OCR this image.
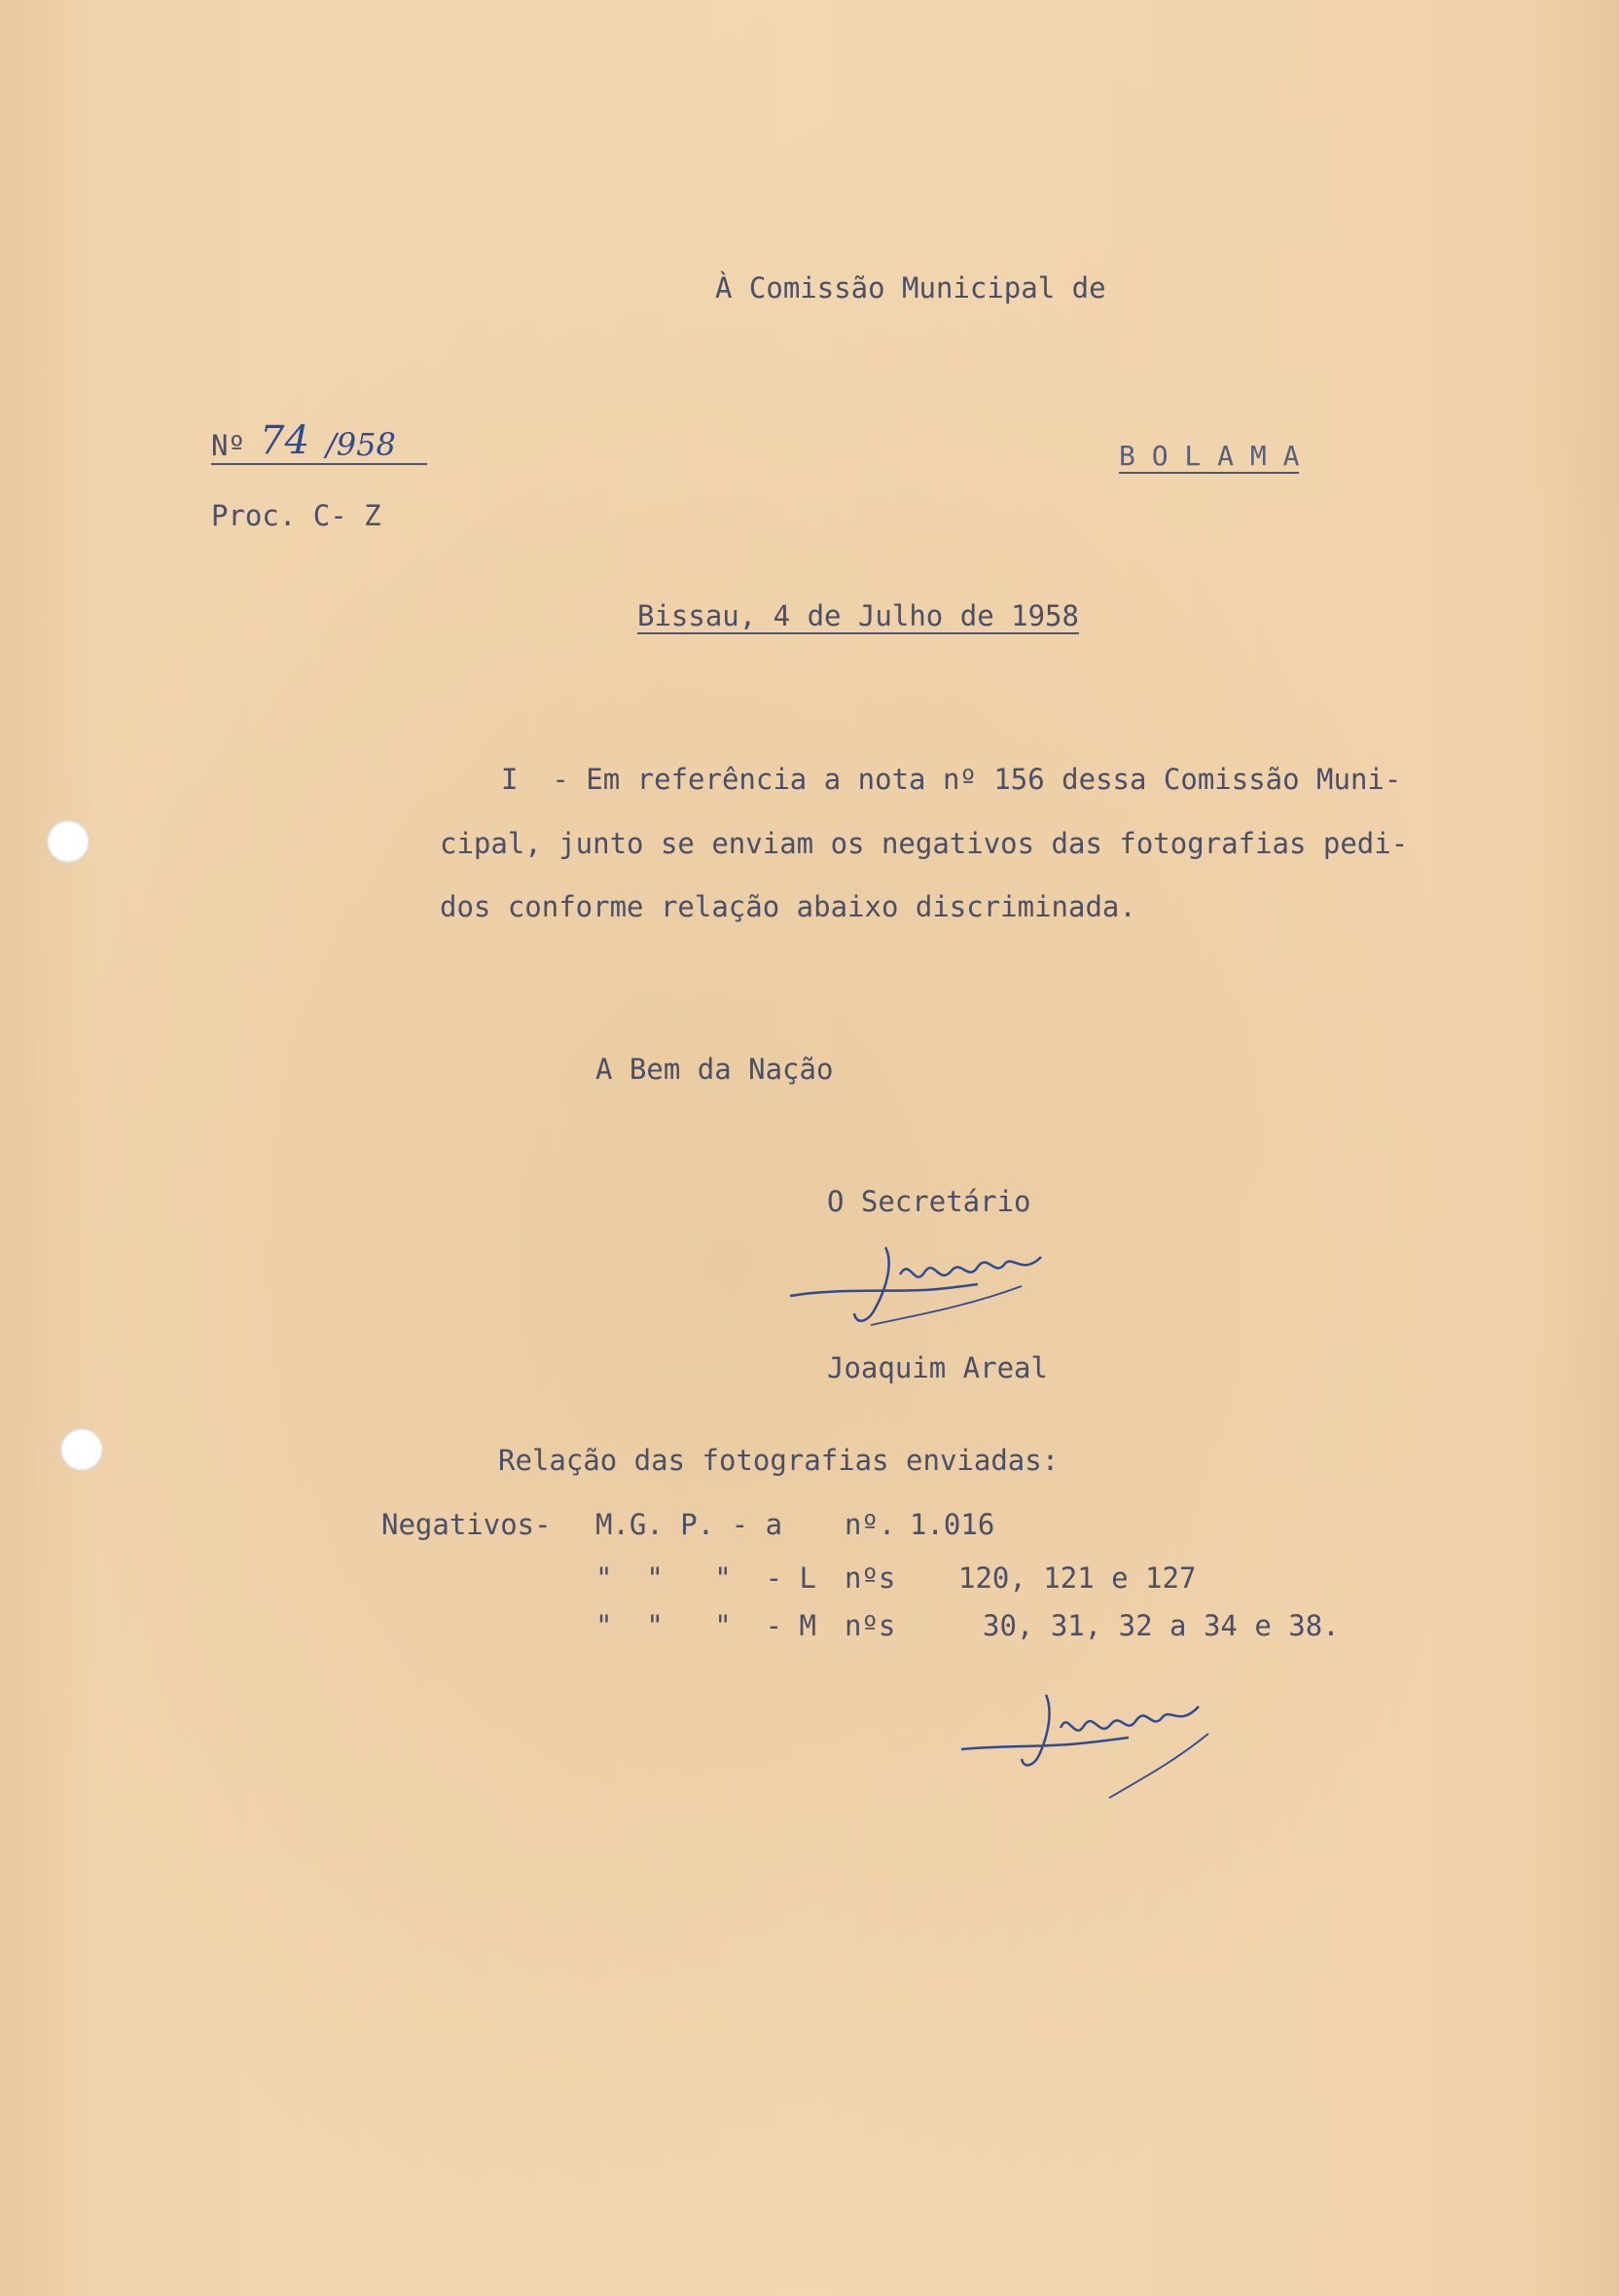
À Comissão Municipal de
Nº 74 /958	B O L A M A
Proc. C- Z
Bissau, 4 de Julho de 1958
I  - Em referência a nota nº 156 dessa Comissão Muni-
cipal, junto se enviam os negativos das fotografias pedi-
dos conforme relação abaixo discriminada.
A Bem da Nação
O Secretário
Joaquim Areal
Relação das fotografias enviadas:
Negativos- M.G. P. - a nº. 1.016
"  "   "  - L nºs 120, 121 e 127
"  "   "  - M nºs	30, 31, 32 a 34 e 38.
